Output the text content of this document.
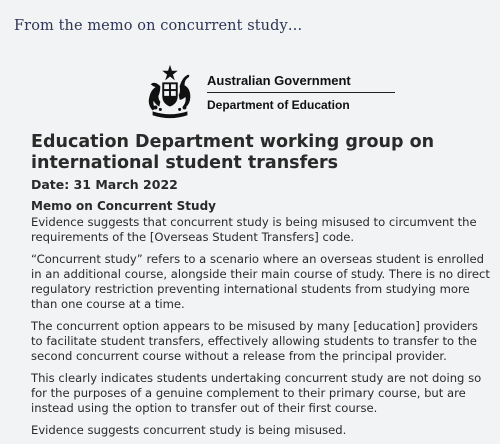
From the memo on concurrent study…
Australian Government
Department of Education
Education Department working group on international student transfers
Date: 31 March 2022
Memo on Concurrent Study

Evidence suggests that concurrent study is being misused to circumvent the requirements of the [Overseas Student Transfers] code.

“Concurrent study” refers to a scenario where an overseas student is enrolled in an additional course, alongside their main course of study. There is no direct regulatory restriction preventing international students from studying more than one course at a time.

The concurrent option appears to be misused by many [education] providers to facilitate student transfers, effectively allowing students to transfer to the second concurrent course without a release from the principal provider.

This clearly indicates students undertaking concurrent study are not doing so for the purposes of a genuine complement to their primary course, but are instead using the option to transfer out of their first course.

Evidence suggests concurrent study is being misused.
